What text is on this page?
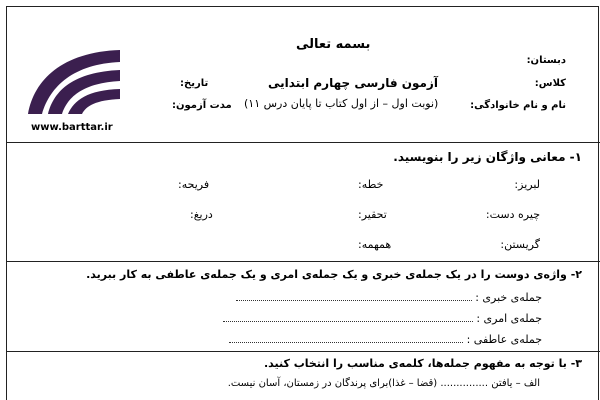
www.barttar.ir
بسمه تعالی
آزمون فارسی چهارم ابتدایی
(نوبت اول – از اول کتاب تا پایان درس ۱۱)
دبستان:
کلاس:
نام و نام خانوادگی:
تاریخ:
مدت آزمون:
۱- معانی واژگان زیر را بنویسید.
لبریز:
خطه:
فریحه:
چیره دست:
تحقیر:
دریغ:
گریستن:
همهمه:
۲- واژه‌ی دوست را در یک جمله‌ی خبری و یک جمله‌ی امری و یک جمله‌ی عاطفی به کار ببرید.
جمله‌ی خبری :
جمله‌ی امری :
جمله‌ی عاطفی :
۳- با توجه به مفهوم جمله‌ها، کلمه‌ی مناسب را انتخاب کنید.
الف – یافتن ............... (قضا – غذا)برای پرندگان در زمستان، آسان نیست.
